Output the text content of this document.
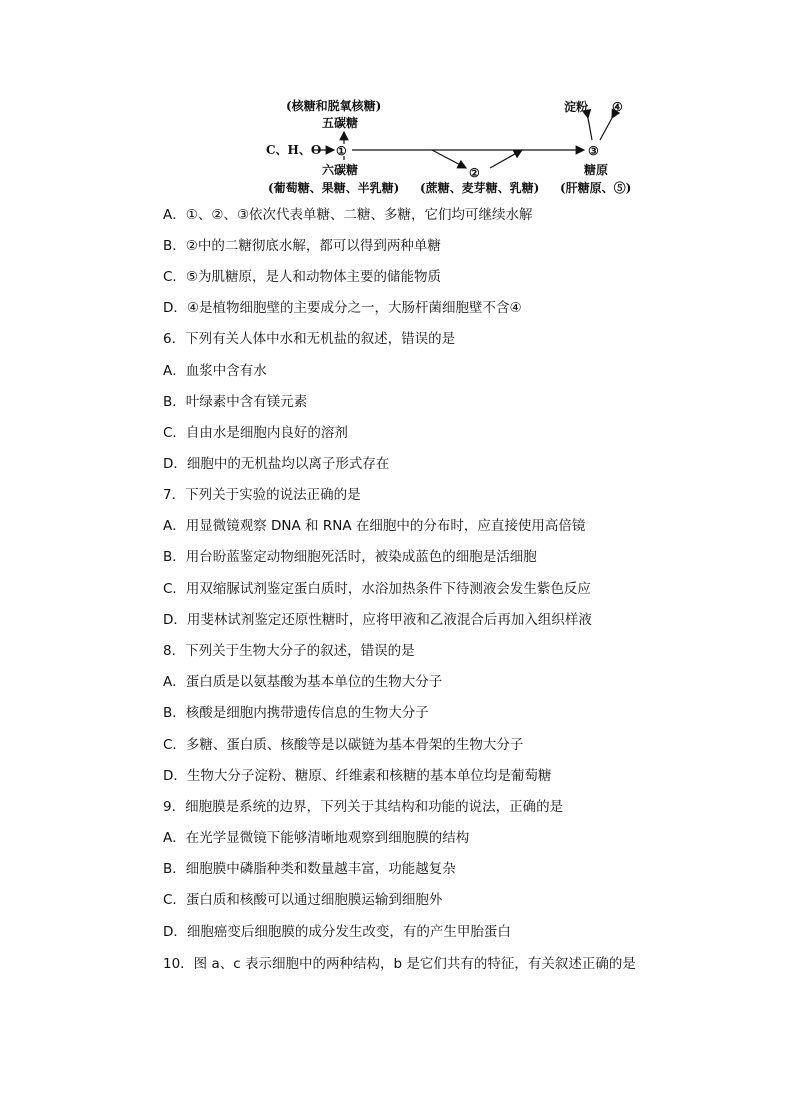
(核糖和脱氧核糖)
五碳糖
C、H、O ①
六碳糖
(葡萄糖、果糖、半乳糖)
②
(蔗糖、麦芽糖、乳糖)
淀粉 ④
③
糖原
(肝糖原、⑤)
A．①、②、③依次代表单糖、二糖、多糖，它们均可继续水解
B．②中的二糖彻底水解，都可以得到两种单糖
C．⑤为肌糖原，是人和动物体主要的储能物质
D．④是植物细胞壁的主要成分之一，大肠杆菌细胞壁不含④
6．下列有关人体中水和无机盐的叙述，错误的是
A．血浆中含有水
B．叶绿素中含有镁元素
C．自由水是细胞内良好的溶剂
D．细胞中的无机盐均以离子形式存在
7．下列关于实验的说法正确的是
A．用显微镜观察 DNA 和 RNA 在细胞中的分布时，应直接使用高倍镜
B．用台盼蓝鉴定动物细胞死活时，被染成蓝色的细胞是活细胞
C．用双缩脲试剂鉴定蛋白质时，水浴加热条件下待测液会发生紫色反应
D．用斐林试剂鉴定还原性糖时，应将甲液和乙液混合后再加入组织样液
8．下列关于生物大分子的叙述，错误的是
A．蛋白质是以氨基酸为基本单位的生物大分子
B．核酸是细胞内携带遗传信息的生物大分子
C．多糖、蛋白质、核酸等是以碳链为基本骨架的生物大分子
D．生物大分子淀粉、糖原、纤维素和核糖的基本单位均是葡萄糖
9．细胞膜是系统的边界，下列关于其结构和功能的说法，正确的是
A．在光学显微镜下能够清晰地观察到细胞膜的结构
B．细胞膜中磷脂种类和数量越丰富，功能越复杂
C．蛋白质和核酸可以通过细胞膜运输到细胞外
D．细胞癌变后细胞膜的成分发生改变，有的产生甲胎蛋白
10．图 a、c 表示细胞中的两种结构，b 是它们共有的特征，有关叙述正确的是
